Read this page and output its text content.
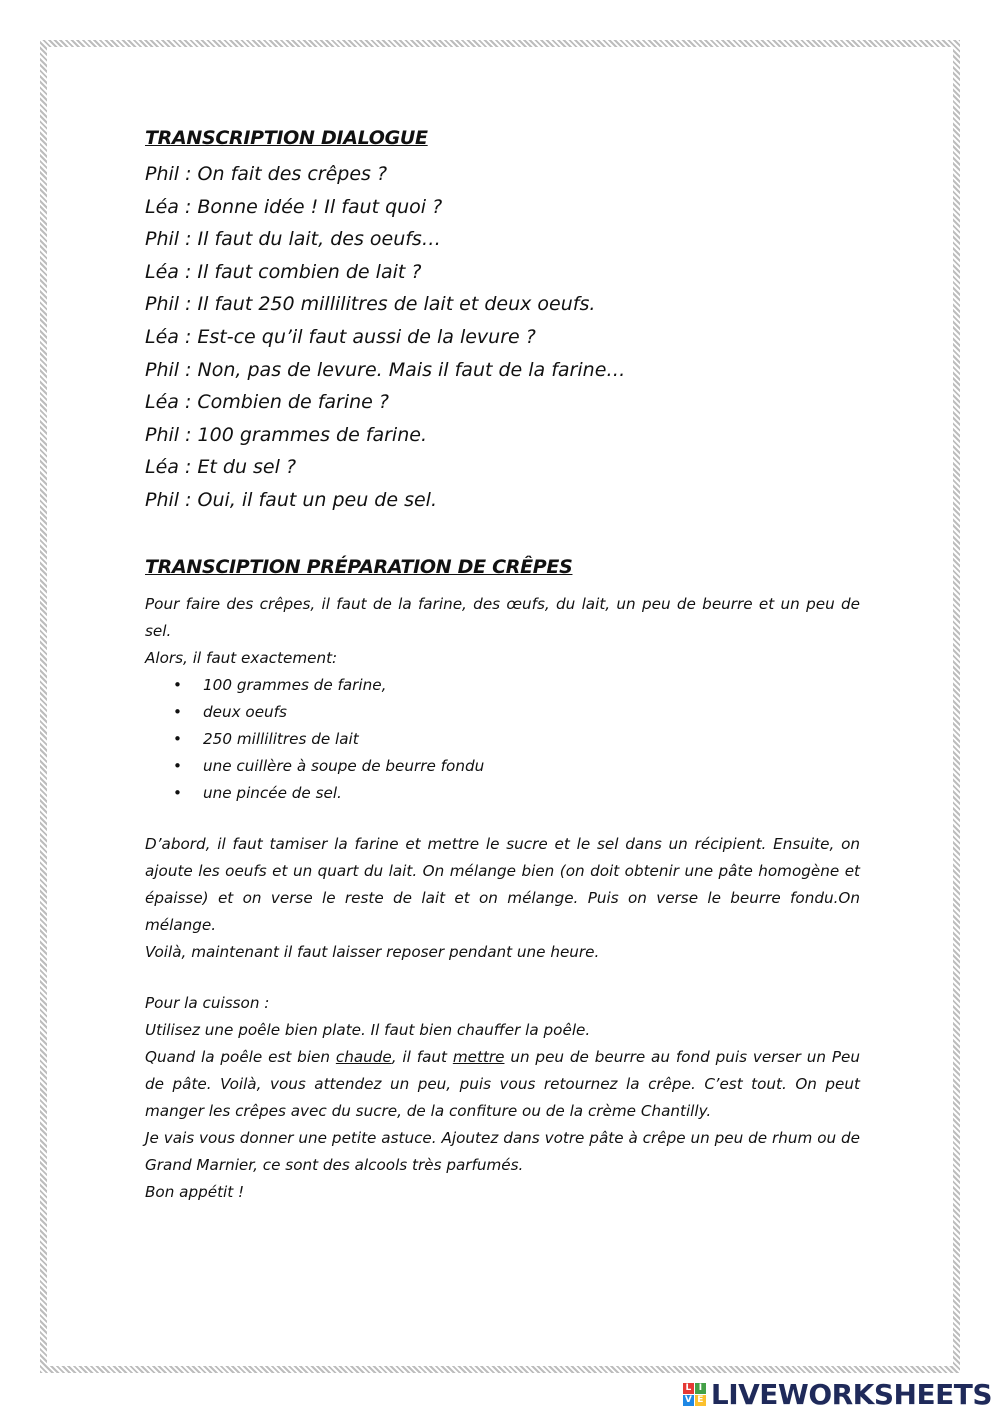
TRANSCRIPTION DIALOGUE
Phil : On fait des crêpes ?
Léa : Bonne idée ! Il faut quoi ?
Phil : Il faut du lait, des oeufs…
Léa : Il faut combien de lait ?
Phil : Il faut 250 millilitres de lait et deux oeufs.
Léa : Est-ce qu’il faut aussi de la levure ?
Phil : Non, pas de levure. Mais il faut de la farine…
Léa : Combien de farine ?
Phil : 100 grammes de farine.
Léa : Et du sel ?
Phil : Oui, il faut un peu de sel.
TRANSCIPTION PRÉPARATION DE CRÊPES
Pour faire des crêpes, il faut de la farine, des œufs, du lait, un peu de beurre et un peu de sel.
Alors, il faut exactement:
• 100 grammes de farine,
• deux oeufs
• 250 millilitres de lait
• une cuillère à soupe de beurre fondu
• une pincée de sel.
D’abord, il faut tamiser la farine et mettre le sucre et le sel dans un récipient. Ensuite, on ajoute les oeufs et un quart du lait. On mélange bien (on doit obtenir une pâte homogène et épaisse) et on verse le reste de lait et on mélange. Puis on verse le beurre fondu.On mélange.
Voilà, maintenant il faut laisser reposer pendant une heure.
Pour la cuisson :
Utilisez une poêle bien plate. Il faut bien chauffer la poêle.
Quand la poêle est bien chaude, il faut mettre un peu de beurre au fond puis verser un Peu de pâte. Voilà, vous attendez un peu, puis vous retournez la crêpe. C’est tout. On peut manger les crêpes avec du sucre, de la confiture ou de la crème Chantilly.
Je vais vous donner une petite astuce. Ajoutez dans votre pâte à crêpe un peu de rhum ou de Grand Marnier, ce sont des alcools très parfumés.
Bon appétit !
L I
V E LIVEWORKSHEETS
